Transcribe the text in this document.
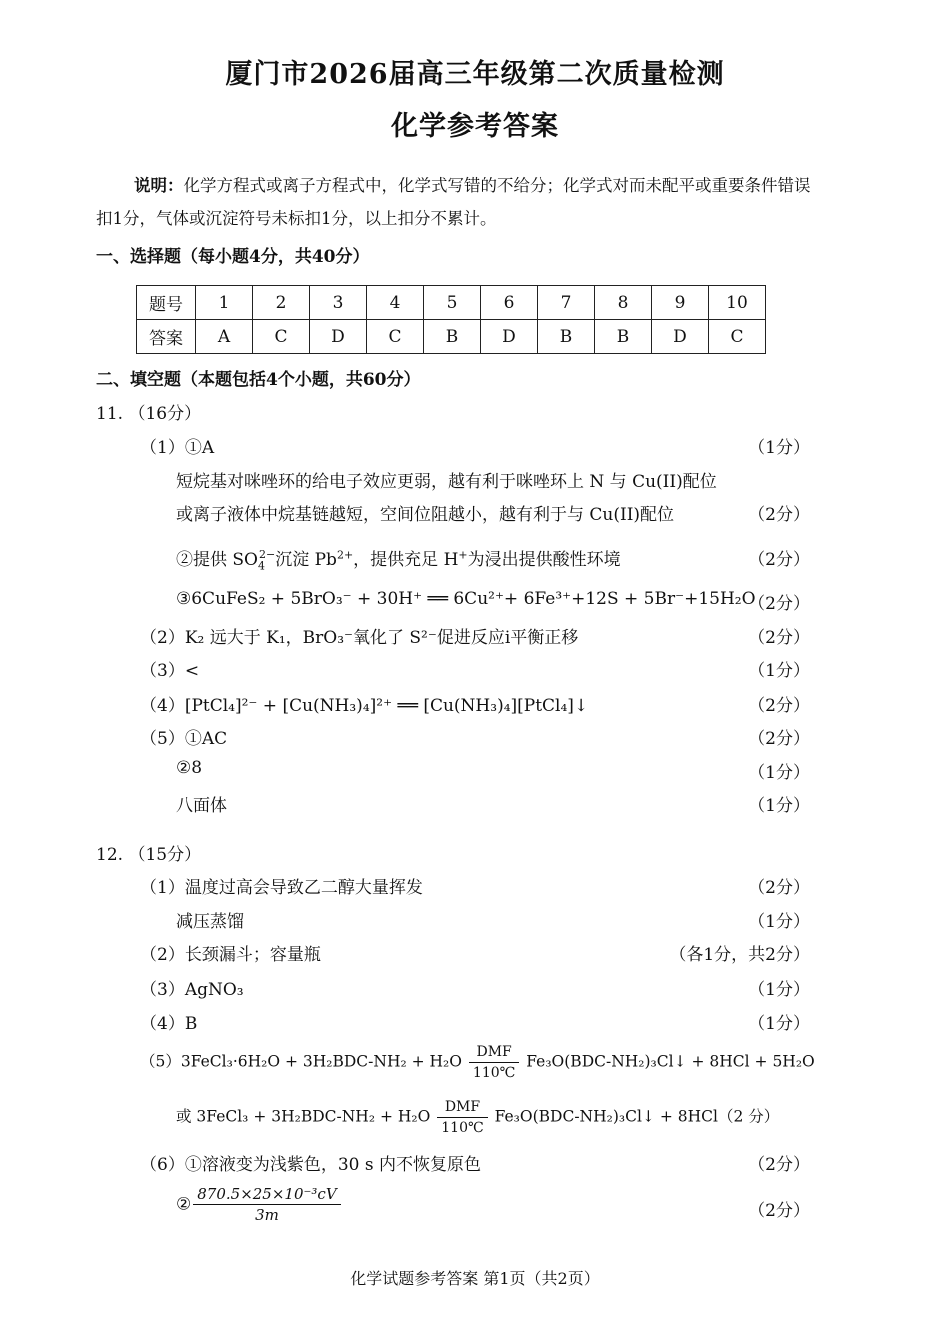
厦门市2026届高三年级第二次质量检测
化学参考答案
说明：化学方程式或离子方程式中，化学式写错的不给分；化学式对而未配平或重要条件错误扣1分，气体或沉淀符号未标扣1分，以上扣分不累计。
一、选择题（每小题4分，共40分）
题号	1	2	3	4	5	6	7	8	9	10
答案	A	C	D	C	B	D	B	B	D	C
二、填空题（本题包括4个小题，共60分）
11. （16分）
（1）①A	（1分）
短烷基对咪唑环的给电子效应更弱，越有利于咪唑环上 N 与 Cu(II)配位
或离子液体中烷基链越短，空间位阻越小，越有利于与 Cu(II)配位	（2分）
②提供 $SO_4^{2-}$沉淀 $Pb^{2+}$，提供充足 H+为浸出提供酸性环境	（2分）
③6CuFeS₂ + 5BrO₃⁻ + 30H⁺ ══ 6Cu²⁺+ 6Fe³⁺+12S + 5Br⁻+15H₂O
（2分）
（2）K₂ 远大于 K₁，BrO₃⁻氧化了 S²⁻促进反应i平衡正移	（2分）
（3）<	（1分）
（4）[PtCl₄]²⁻ + [Cu(NH₃)₄]²⁺ ══ [Cu(NH₃)₄][PtCl₄]↓	（2分）
（5）①AC	（2分）
②8	（1分）
八面体	（1分）
12. （15分）
（1）温度过高会导致乙二醇大量挥发	（2分）
减压蒸馏	（1分）
（2）长颈漏斗；容量瓶	（各1分，共2分）
（3）AgNO₃	（1分）
（4）B	（1分）
（5）3FeCl₃·6H₂O + $3H_2BDC-NH_2 + H_2O \frac{\text{DMF}}{110℃}$ Fe₃O(BDC-NH₂)₃Cl↓ + 8HCl + 5H₂O
或 3FeCl₃ + $3H_2BDC-NH_2 + H_2O \frac{\text{DMF}}{110℃}$ Fe₃O(BDC-NH₂)₃Cl↓ + 8HCl（2 分）
（6）①溶液变为浅紫色，30 s 内不恢复原色	（2分）
② $\frac{\text{870.5×25×10⁻³cV}}{3m}$	（2分）
化学试题参考答案 第1页（共2页）
